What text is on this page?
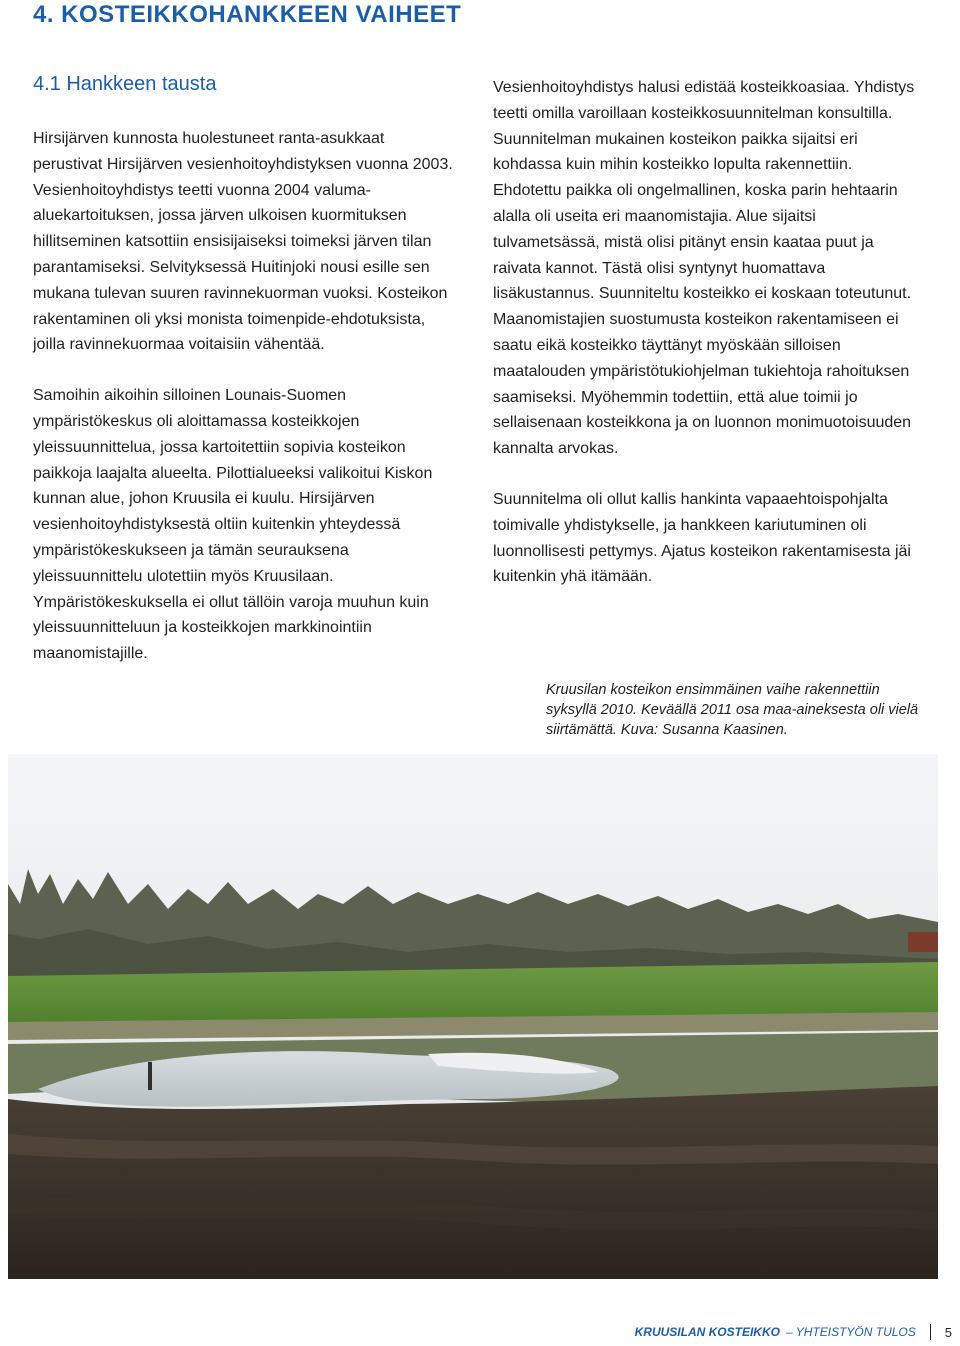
4. KOSTEIKKOHANKKEEN VAIHEET
4.1 Hankkeen tausta

Hirsijärven kunnosta huolestuneet ranta-asukkaat perustivat Hirsijärven vesienhoitoyhdistyksen vuonna 2003. Vesienhoitoyhdistys teetti vuonna 2004 valuma-aluekartoituksen, jossa järven ulkoisen kuormituksen hillitseminen katsottiin ensisijaiseksi toimeksi järven tilan parantamiseksi. Selvityksessä Huitinjoki nousi esille sen mukana tulevan suuren ravinnekuorman vuoksi. Kosteikon rakentaminen oli yksi monista toimenpide-ehdotuksista, joilla ravinnekuormaa voitaisiin vähentää.

Samoihin aikoihin silloinen Lounais-Suomen ympäristökeskus oli aloittamassa kosteikkojen yleissuunnittelua, jossa kartoitettiin sopivia kosteikon paikkoja laajalta alueelta. Pilottialueeksi valikoitui Kiskon kunnan alue, johon Kruusila ei kuulu. Hirsijärven vesienhoitoyhdistyksestä oltiin kuitenkin yhteydessä ympäristökeskukseen ja tämän seurauksena yleissuunnittelu ulotettiin myös Kruusilaan. Ympäristökeskuksella ei ollut tällöin varoja muuhun kuin yleissuunnitteluun ja kosteikkojen markkinointiin maanomistajille.

Vesienhoitoyhdistys halusi edistää kosteikkoasiaa. Yhdistys teetti omilla varoillaan kosteikkosuunnitelman konsultilla. Suunnitelman mukainen kosteikon paikka sijaitsi eri kohdassa kuin mihin kosteikko lopulta rakennettiin. Ehdotettu paikka oli ongelmallinen, koska parin hehtaarin alalla oli useita eri maanomistajia. Alue sijaitsi tulvametsässä, mistä olisi pitänyt ensin kaataa puut ja raivata kannot. Tästä olisi syntynyt huomattava lisäkustannus. Suunniteltu kosteikko ei koskaan toteutunut. Maanomistajien suostumusta kosteikon rakentamiseen ei saatu eikä kosteikko täyttänyt myöskään silloisen maatalouden ympäristötukiohjelman tukiehtoja rahoituksen saamiseksi. Myöhemmin todettiin, että alue toimii jo sellaisenaan kosteikkona ja on luonnon monimuotoisuuden kannalta arvokas.

Suunnitelma oli ollut kallis hankinta vapaaehtoispohjalta toimivalle yhdistykselle, ja hankkeen kariutuminen oli luonnollisesti pettymys. Ajatus kosteikon rakentamisesta jäi kuitenkin yhä itämään.

Kruusilan kosteikon ensimmäinen vaihe rakennettiin syksyllä 2010. Keväällä 2011 osa maa-aineksesta oli vielä siirtämättä. Kuva: Susanna Kaasinen.
KRUUSILAN KOSTEIKKO – YHTEISTYÖN TULOS 5
